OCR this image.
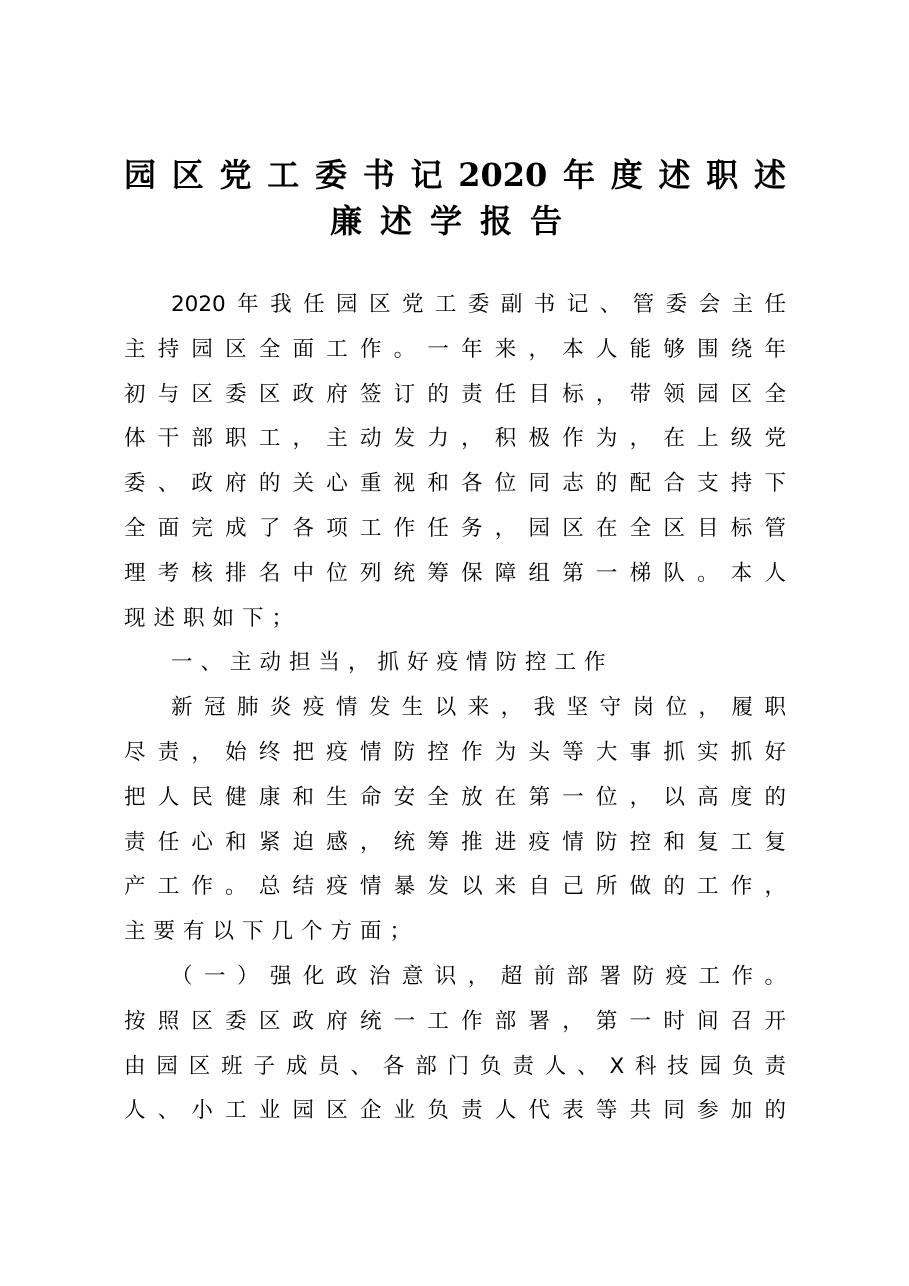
园区党工委书记2020年度述职述
廉述学报告
2020年我任园区党工委副书记、管委会主任
主持园区全面工作。一年来，本人能够围绕年
初与区委区政府签订的责任目标，带领园区全
体干部职工，主动发力，积极作为，在上级党
委、政府的关心重视和各位同志的配合支持下
全面完成了各项工作任务，园区在全区目标管
理考核排名中位列统筹保障组第一梯队。本人
现述职如下；
一、主动担当，抓好疫情防控工作
新冠肺炎疫情发生以来，我坚守岗位，履职
尽责，始终把疫情防控作为头等大事抓实抓好
把人民健康和生命安全放在第一位，以高度的
责任心和紧迫感，统筹推进疫情防控和复工复
产工作。总结疫情暴发以来自己所做的工作，
主要有以下几个方面；
（一）强化政治意识，超前部署防疫工作。
按照区委区政府统一工作部署，第一时间召开
由园区班子成员、各部门负责人、X科技园负责
人、小工业园区企业负责人代表等共同参加的
